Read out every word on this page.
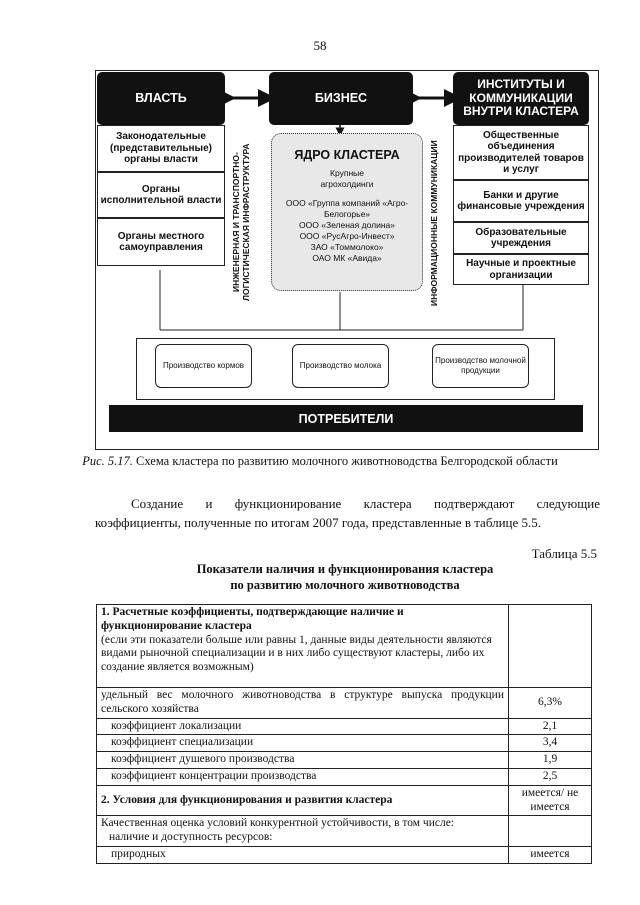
58
ВЛАСТЬ	БИЗНЕС
ИНСТИТУТЫ И КОММУНИКАЦИИ ВНУТРИ КЛАСТЕРА
Законодательные (представительные) органы власти
Органы исполнительной власти
Органы местного самоуправления	ИНЖЕНЕРНАЯ И ТРАНСПОРТНО-ЛОГИСТИЧЕСКАЯ ИНФРАСТРУКТУРА	ЯДРО КЛАСТЕРА
Крупные агрохолдинги
ООО «Группа компаний «Агро-Белогорье»
ООО «Зеленая долина»
ООО «РусАгро-Инвест»
ЗАО «Томмолоко»
ОАО МК «Авида»	ИНФОРМАЦИОННЫЕ КОММУНИКАЦИИ
Общественные объединения производителей товаров и услуг
Банки и другие финансовые учреждения
Образовательные учреждения
Научные и проектные организации
Производство кормов	Производство молока
Производство молочной продукции
ПОТРЕБИТЕЛИ
Рис. 5.17. Схема кластера по развитию молочного животноводства Белгородской области
Создание и функционирование кластера подтверждают следующие
коэффициенты, полученные по итогам 2007 года, представленные в таблице 5.5.
Таблица 5.5
Показатели наличия и функционирования кластера
по развитию молочного животноводства
1. Расчетные коэффициенты, подтверждающие наличие и функционирование кластера
(если эти показатели больше или равны 1, данные виды деятельности являются видами рыночной специализации и в них либо существуют кластеры, либо их создание является возможным)	

удельный вес молочного животноводства в структуре выпуска продукции сельского хозяйства	6,3%
коэффициент локализации	2,1
коэффициент специализации	3,4
коэффициент душевого производства	1,9
коэффициент концентрации производства	2,5
2. Условия для функционирования и развития кластера	имеется/ не имеется

Качественная оценка условий конкурентной устойчивости, в том числе:
наличие и доступность ресурсов:	

природных	имеется
